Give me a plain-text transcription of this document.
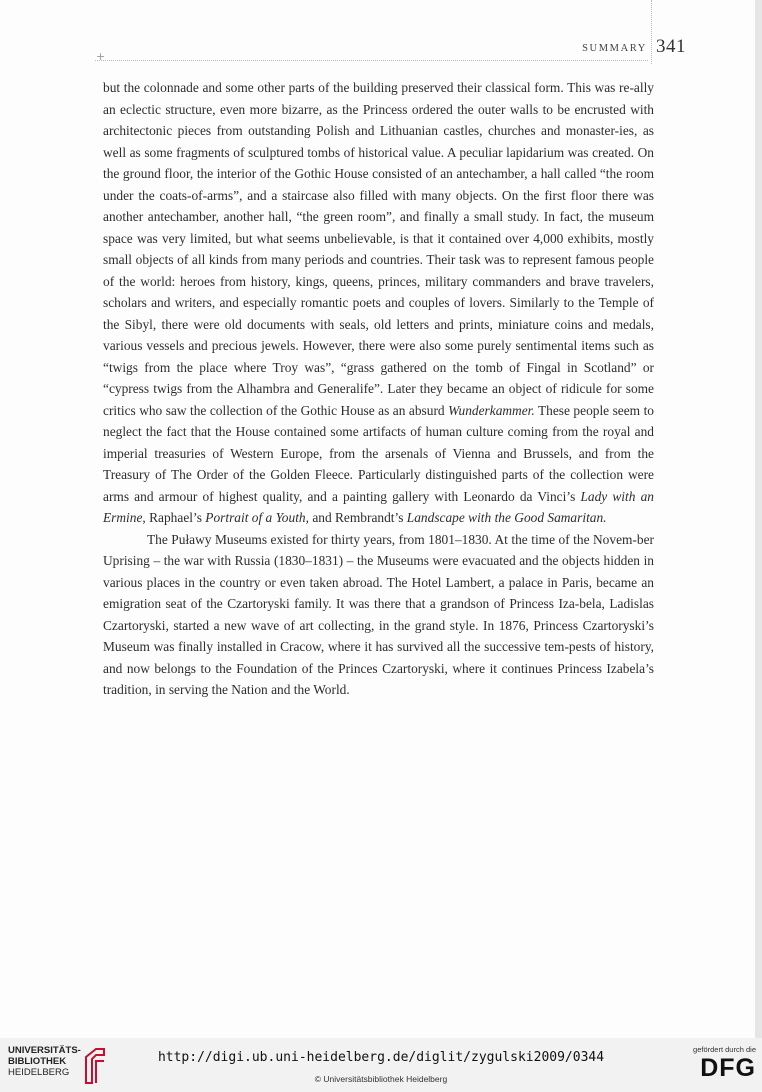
+
SUMMARY 341

but the colonnade and some other parts of the building preserved their classical form. This was re-ally an eclectic structure, even more bizarre, as the Princess ordered the outer walls to be encrusted with architectonic pieces from outstanding Polish and Lithuanian castles, churches and monaster-ies, as well as some fragments of sculptured tombs of historical value. A peculiar lapidarium was created. On the ground floor, the interior of the Gothic House consisted of an antechamber, a hall called “the room under the coats-of-arms”, and a staircase also filled with many objects. On the first floor there was another antechamber, another hall, “the green room”, and finally a small study. In fact, the museum space was very limited, but what seems unbelievable, is that it contained over 4,000 exhibits, mostly small objects of all kinds from many periods and countries. Their task was to represent famous people of the world: heroes from history, kings, queens, princes, military commanders and brave travelers, scholars and writers, and especially romantic poets and couples of lovers. Similarly to the Temple of the Sibyl, there were old documents with seals, old letters and prints, miniature coins and medals, various vessels and precious jewels. However, there were also some purely sentimental items such as “twigs from the place where Troy was”, “grass gathered on the tomb of Fingal in Scotland” or “cypress twigs from the Alhambra and Generalife”. Later they became an object of ridicule for some critics who saw the collection of the Gothic House as an absurd Wunderkammer. These people seem to neglect the fact that the House contained some artifacts of human culture coming from the royal and imperial treasuries of Western Europe, from the arsenals of Vienna and Brussels, and from the Treasury of The Order of the Golden Fleece. Particularly distinguished parts of the collection were arms and armour of highest quality, and a painting gallery with Leonardo da Vinci’s Lady with an Ermine, Raphael’s Portrait of a Youth, and Rembrandt’s Landscape with the Good Samaritan.

The Puławy Museums existed for thirty years, from 1801–1830. At the time of the Novem-ber Uprising – the war with Russia (1830–1831) – the Museums were evacuated and the objects hidden in various places in the country or even taken abroad. The Hotel Lambert, a palace in Paris, became an emigration seat of the Czartoryski family. It was there that a grandson of Princess Iza-bela, Ladislas Czartoryski, started a new wave of art collecting, in the grand style. In 1876, Princess Czartoryski’s Museum was finally installed in Cracow, where it has survived all the successive tem-pests of history, and now belongs to the Foundation of the Princes Czartoryski, where it continues Princess Izabela’s tradition, in serving the Nation and the World.

UNIVERSITÄTS-
BIBLIOTHEK
HEIDELBERG
http://digi.ub.uni-heidelberg.de/diglit/zygulski2009/0344
© Universitätsbibliothek Heidelberg
gefördert durch die
DFG
